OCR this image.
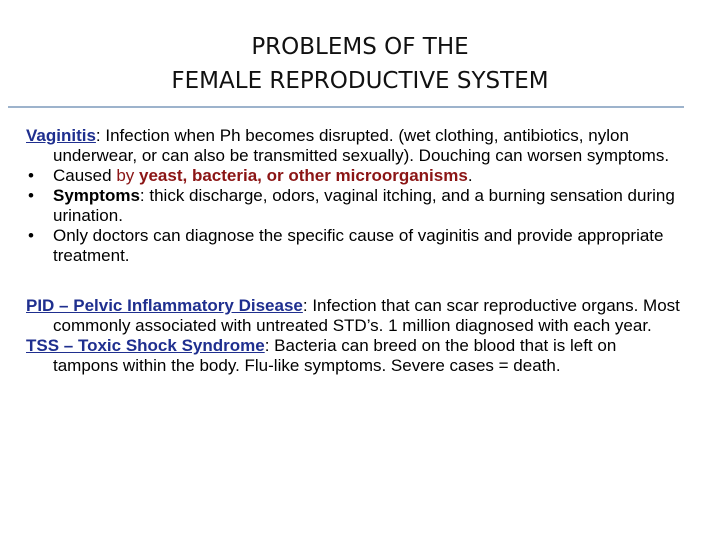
PROBLEMS OF THE
FEMALE REPRODUCTIVE SYSTEM

Vaginitis: Infection when Ph becomes disrupted. (wet clothing, antibiotics, nylon underwear, or can also be transmitted sexually). Douching can worsen symptoms.

• Caused by yeast, bacteria, or other microorganisms.

• Symptoms: thick discharge, odors, vaginal itching, and a burning sensation during urination.

• Only doctors can diagnose the specific cause of vaginitis and provide appropriate treatment.

PID – Pelvic Inflammatory Disease: Infection that can scar reproductive organs. Most commonly associated with untreated STD’s. 1 million diagnosed with each year.

TSS – Toxic Shock Syndrome: Bacteria can breed on the blood that is left on tampons within the body. Flu-like symptoms. Severe cases = death.
